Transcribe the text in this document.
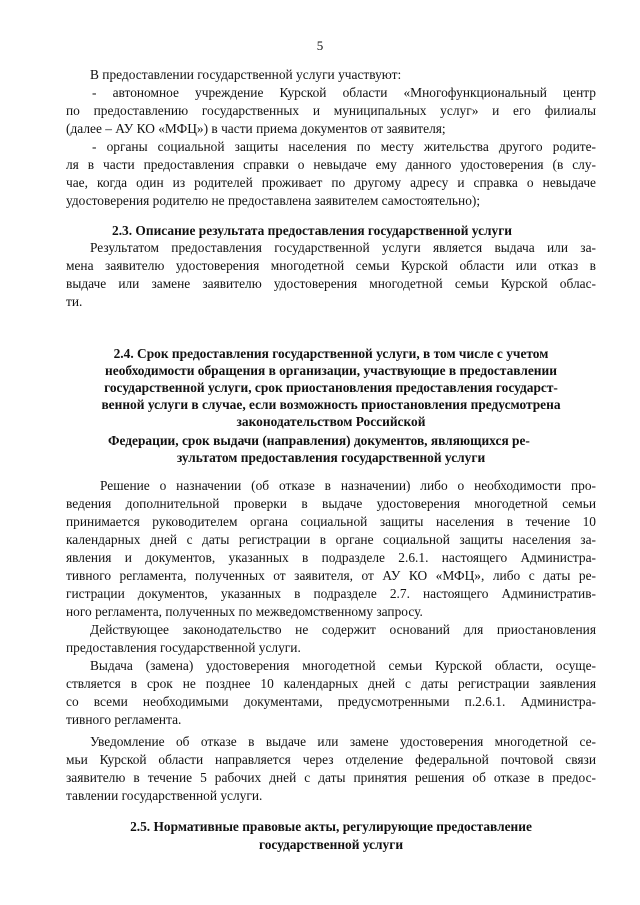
5
В предоставлении государственной услуги участвуют:
- автономное учреждение Курской области «Многофункциональный центр
по предоставлению государственных и муниципальных услуг» и его филиалы
(далее – АУ КО «МФЦ») в части приема документов от заявителя;
- органы социальной защиты населения по месту жительства другого родите-
ля в части предоставления справки о невыдаче ему данного удостоверения (в слу-
чае, когда один из родителей проживает по другому адресу и справка о невыдаче
удостоверения родителю не предоставлена заявителем самостоятельно);
2.3. Описание результата предоставления государственной услуги
Результатом предоставления государственной услуги является выдача или за-
мена заявителю удостоверения многодетной семьи Курской области или отказ в
выдаче или замене заявителю удостоверения многодетной семьи Курской облас-
ти.
2.4. Срок предоставления государственной услуги, в том числе с учетом
необходимости обращения в организации, участвующие в предоставлении
государственной услуги, срок приостановления предоставления государст-
венной услуги в случае, если возможность приостановления предусмотрена
законодательством Российской
Федерации, срок выдачи (направления) документов, являющихся ре-
зультатом предоставления государственной услуги
Решение о назначении (об отказе в назначении) либо о необходимости про-
ведения дополнительной проверки в выдаче удостоверения многодетной семьи
принимается руководителем органа социальной защиты населения в течение 10
календарных дней с даты регистрации в органе социальной защиты населения за-
явления и документов, указанных в подразделе 2.6.1. настоящего Администра-
тивного регламента, полученных от заявителя, от АУ КО «МФЦ», либо с даты ре-
гистрации документов, указанных в подразделе 2.7. настоящего Административ-
ного регламента, полученных по межведомственному запросу.
Действующее законодательство не содержит оснований для приостановления
предоставления государственной услуги.
Выдача (замена) удостоверения многодетной семьи Курской области, осуще-
ствляется в срок не позднее 10 календарных дней с даты регистрации заявления
со всеми необходимыми документами, предусмотренными п.2.6.1. Администра-
тивного регламента.
Уведомление об отказе в выдаче или замене удостоверения многодетной се-
мьи Курской области направляется через отделение федеральной почтовой связи
заявителю в течение 5 рабочих дней с даты принятия решения об отказе в предос-
тавлении государственной услуги.
2.5. Нормативные правовые акты, регулирующие предоставление
государственной услуги
